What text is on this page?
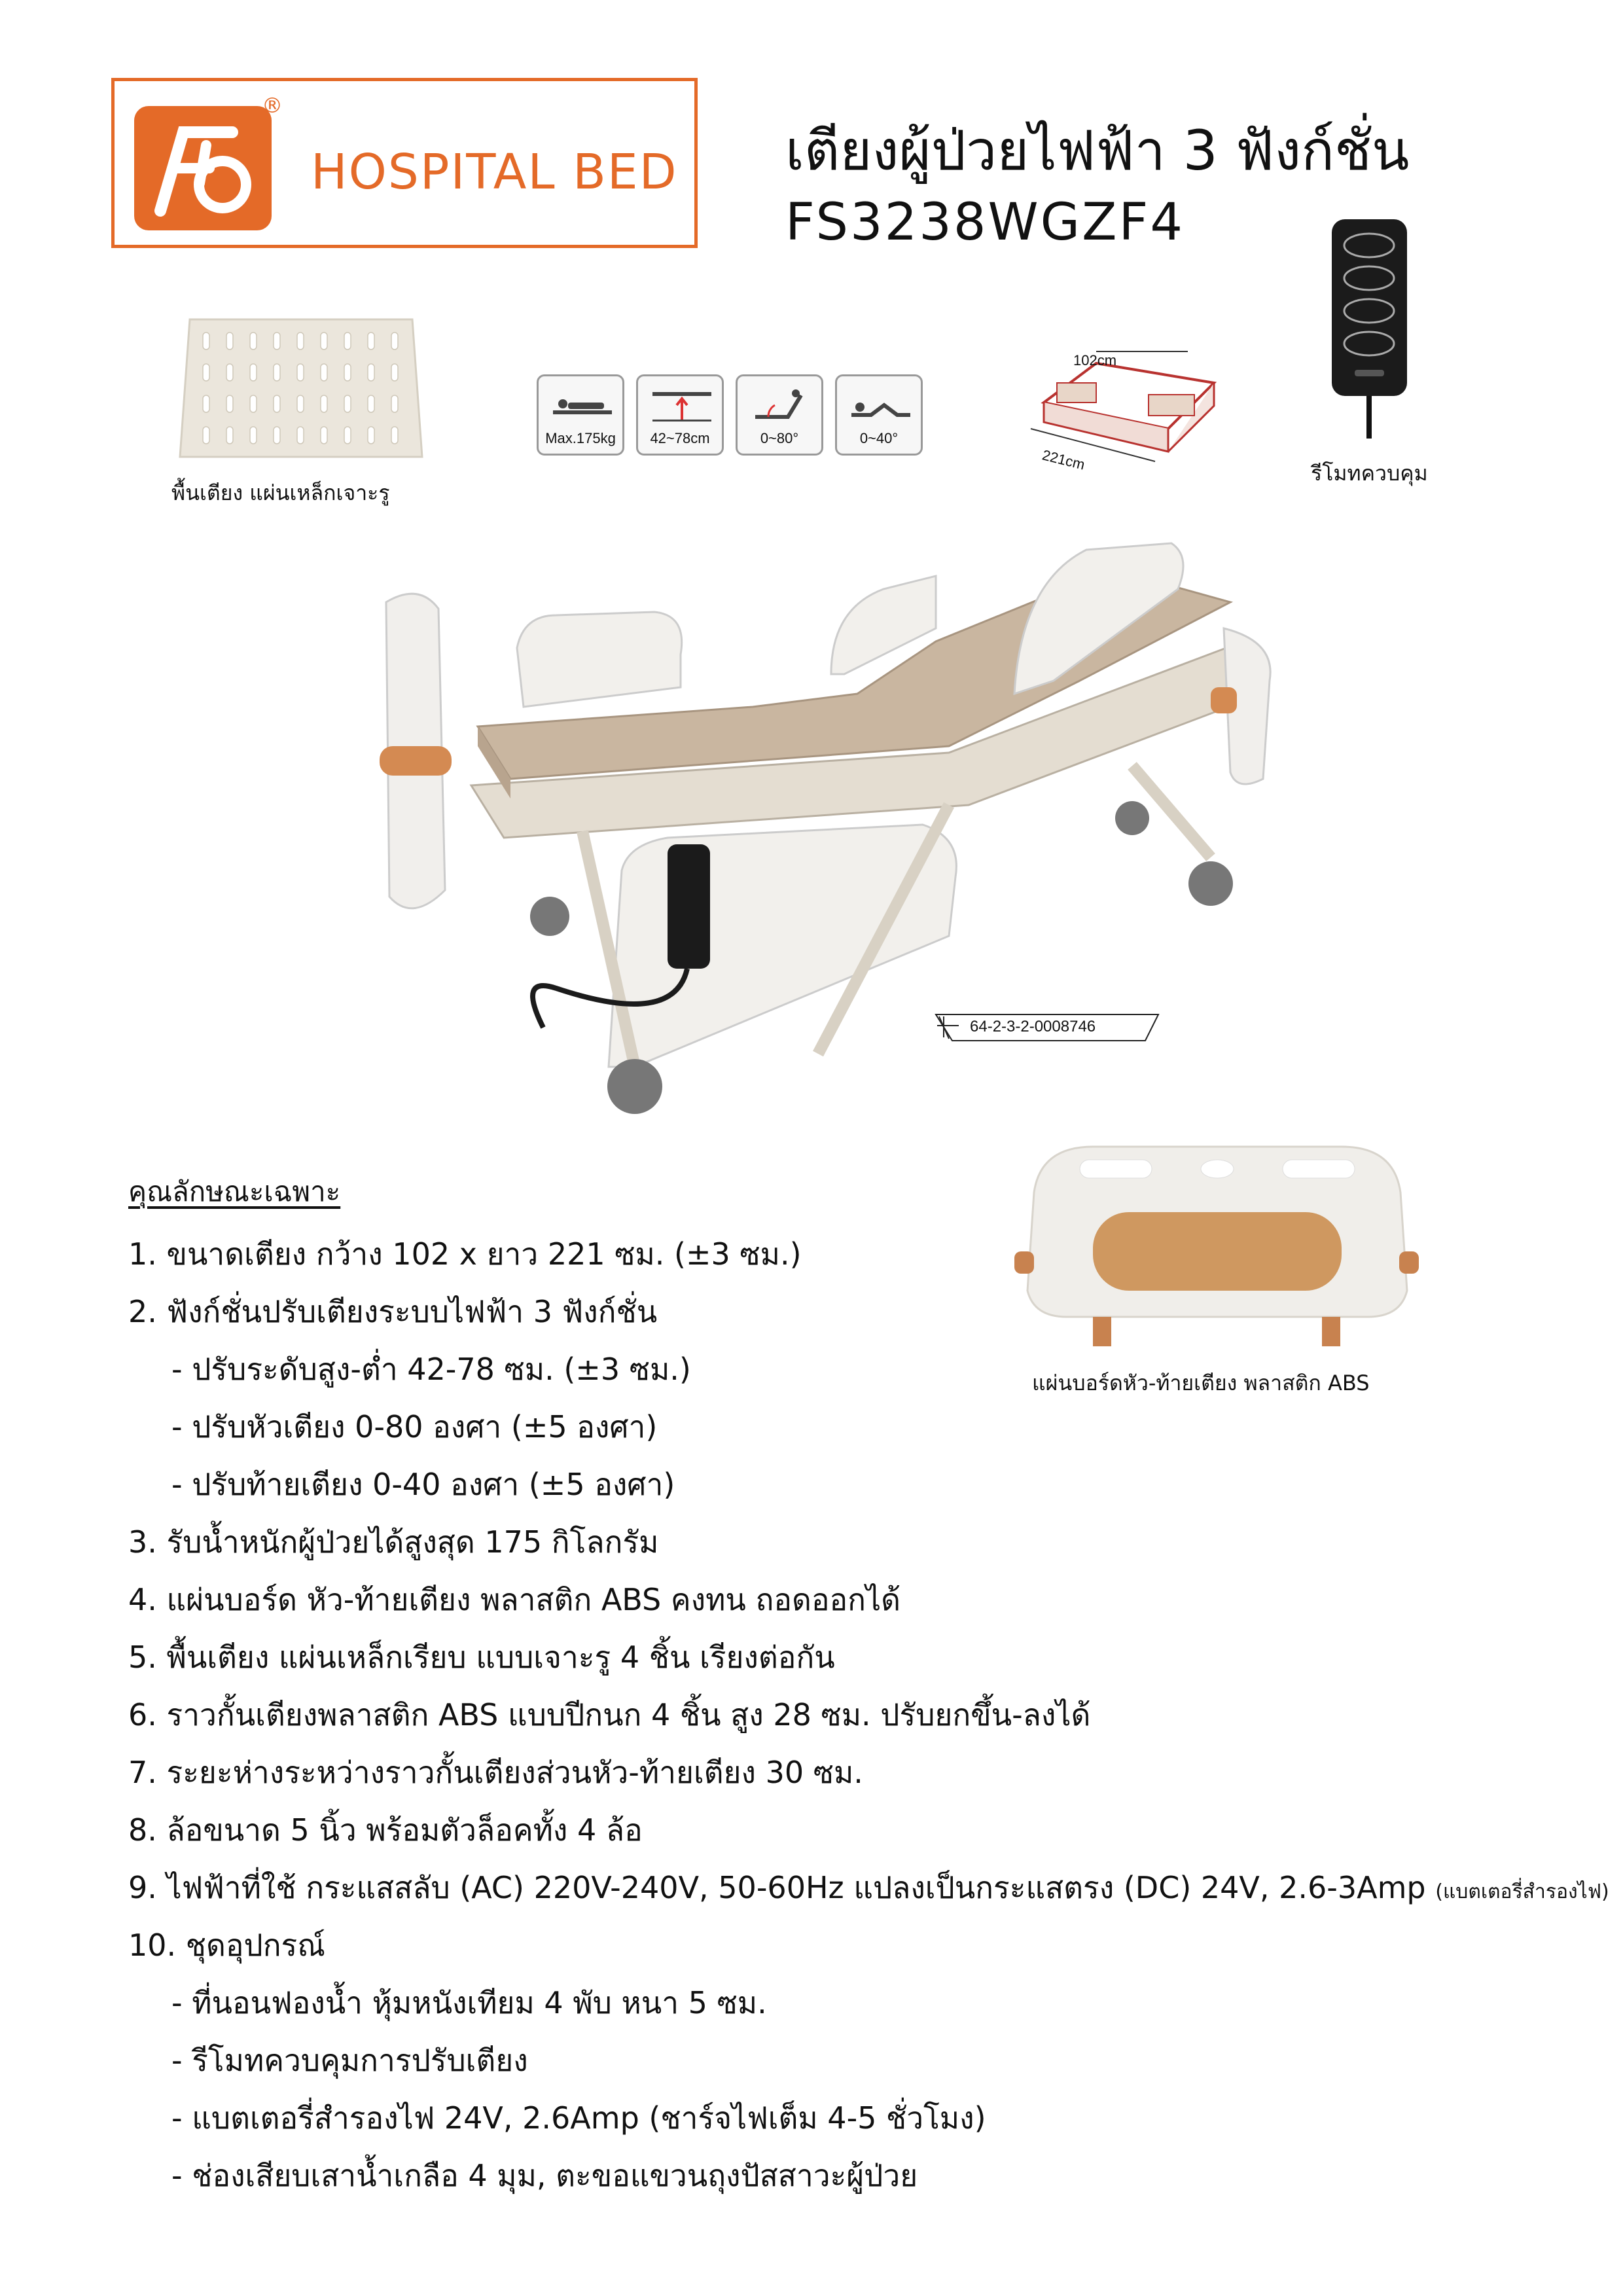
®
HOSPITAL BED เตียงผู้ป่วยไฟฟ้า 3 ฟังก์ชั่น
FS3238WGZF4
พื้นเตียง แผ่นเหล็กเจาะรู
Max.175kg	42~78cm	0~80°	0~40°
102cm
221cm
รีโมทควบคุม
64-2-3-2-0008746
แผ่นบอร์ดหัว-ท้ายเตียง พลาสติก ABS
คุณลักษณะเฉพาะ
1. ขนาดเตียง กว้าง 102 x ยาว 221 ซม. (±3 ซม.)
2. ฟังก์ชั่นปรับเตียงระบบไฟฟ้า 3 ฟังก์ชั่น
- ปรับระดับสูง-ต่ำ 42-78 ซม. (±3 ซม.)
- ปรับหัวเตียง 0-80 องศา (±5 องศา)
- ปรับท้ายเตียง 0-40 องศา (±5 องศา)
3. รับน้ำหนักผู้ป่วยได้สูงสุด 175 กิโลกรัม
4. แผ่นบอร์ด หัว-ท้ายเตียง พลาสติก ABS คงทน ถอดออกได้
5. พื้นเตียง แผ่นเหล็กเรียบ แบบเจาะรู 4 ชิ้น เรียงต่อกัน
6. ราวกั้นเตียงพลาสติก ABS แบบปีกนก 4 ชิ้น สูง 28 ซม. ปรับยกขึ้น-ลงได้
7. ระยะห่างระหว่างราวกั้นเตียงส่วนหัว-ท้ายเตียง 30 ซม.
8. ล้อขนาด 5 นิ้ว พร้อมตัวล็อคทั้ง 4 ล้อ
9. ไฟฟ้าที่ใช้ กระแสสลับ (AC) 220V-240V, 50-60Hz แปลงเป็นกระแสตรง (DC) 24V, 2.6-3Amp (แบตเตอรี่สำรองไฟ)
10. ชุดอุปกรณ์
- ที่นอนฟองน้ำ หุ้มหนังเทียม 4 พับ หนา 5 ซม.
- รีโมทควบคุมการปรับเตียง
- แบตเตอรี่สำรองไฟ 24V, 2.6Amp (ชาร์จไฟเต็ม 4-5 ชั่วโมง)
- ช่องเสียบเสาน้ำเกลือ 4 มุม, ตะขอแขวนถุงปัสสาวะผู้ป่วย
